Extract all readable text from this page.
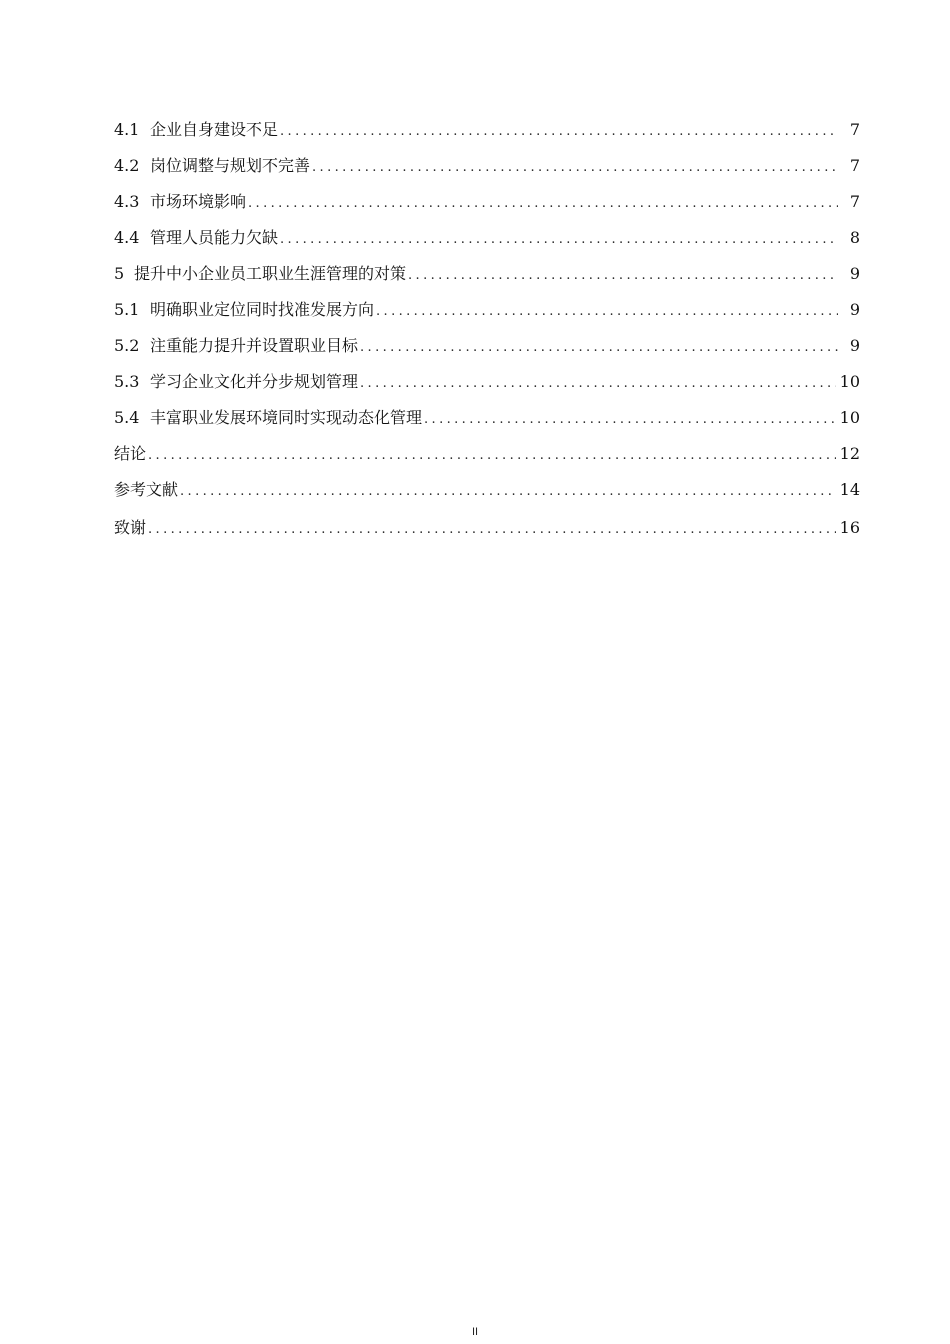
4.1 企业自身建设不足 .....	7
4.2 岗位调整与规划不完善 .....	7
4.3 市场环境影响 .....	7
4.4 管理人员能力欠缺 .....	8
5 提升中小企业员工职业生涯管理的对策 .....	9
5.1 明确职业定位同时找准发展方向 .....	9
5.2 注重能力提升并设置职业目标 .....	9
5.3 学习企业文化并分步规划管理 .....	10
5.4 丰富职业发展环境同时实现动态化管理 .....	10
结论 .....	12
参考文献 .....	14
致谢 .....	16
II
